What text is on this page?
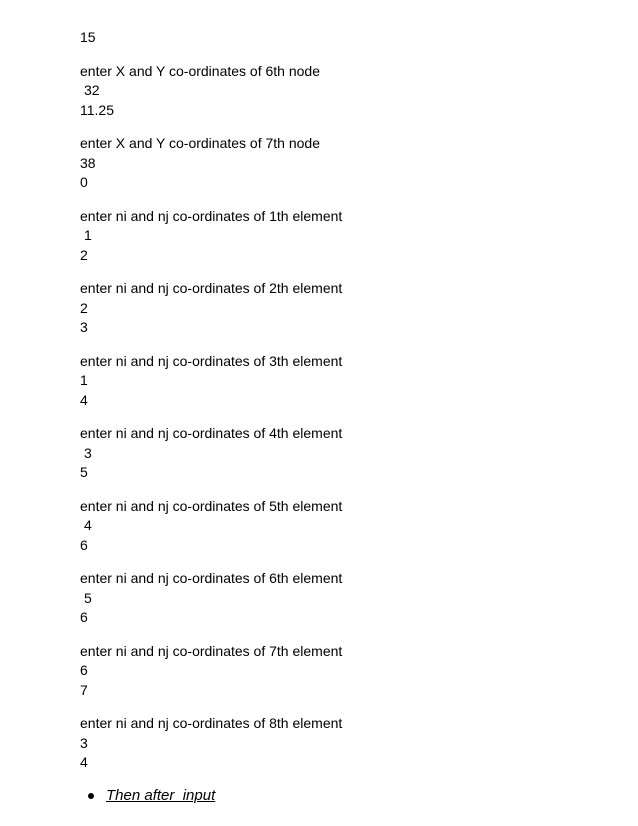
15
enter X and Y co-ordinates of 6th node
32
11.25
enter X and Y co-ordinates of 7th node
38
0
enter ni and nj co-ordinates of 1th element
1
2
enter ni and nj co-ordinates of 2th element
2
3
enter ni and nj co-ordinates of 3th element
1
4
enter ni and nj co-ordinates of 4th element
3
5
enter ni and nj co-ordinates of 5th element
4
6
enter ni and nj co-ordinates of 6th element
5
6
enter ni and nj co-ordinates of 7th element
6
7
enter ni and nj co-ordinates of 8th element
3
4
Then after  input
